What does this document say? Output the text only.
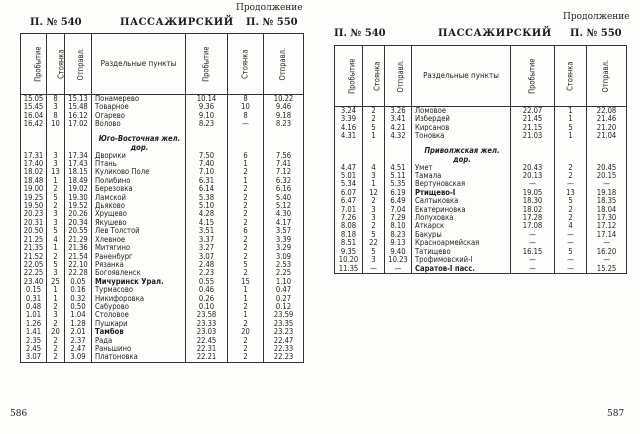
Продолжение
П. № 540	ПАССАЖИРСКИЙ П. № 550
Пробытие	Стоянка	Отправл.	Раздельные пункты	Пробытие	Стоянка	Отправл.
15.05	8	15.13	Понамерево	10.14	8	10.22
15.45	3	15.48	Товарное	9.36	10	9.46
16.04	8	16.12	Огарево	9.10	8	9.18
16.42	10	17.02	Волово	8.23	—	8.23

			Юго-Восточная жел. дор.			
17.31	3	17.34	Дворики	7.50	6	7.56
17.40	3	17.43	Птань	7.40	1	7.41
18.02	13	18.15	Куликово Поле	7.10	2	7.12
18.48	1	18.49	Полибино	6.31	1	6.32
19.00	2	19.02	Березовка	6.14	2	6.16
19.25	5	19.30	Ламской	5.38	2	5.40
19.50	2	19.52	Дьяково	5.10	2	5.12
20.23	3	20.26	Хрущево	4.28	2	4.30
20.31	3	20.34	Якушево	4.15	2	4.17
20.50	5	20.55	Лев Толстой	3.51	6	3.57
21.25	4	21.29	Хлевное	3.37	2	3.39
21.35	1	21.36	Митягино	3.27	2	3.29
21.52	2	21.54	Раненбург	3.07	2	3.09
22.05	5	22.10	Рязанка	2.48	5	2.53
22.25	3	22.28	Богоявленск	2.23	2	2.25
23.40	25	0.05	Мичуринск Урал.	0.55	15	1.10
0.15	1	0.16	Турмасово	0.46	1	0.47
0.31	1	0.32	Никифоровка	0.26	1	0.27
0.48	2	0.50	Сабурово	0.10	2	0.12
1.01	3	1.04	Столовое	23.58	1	23.59
1.26	2	1.28	Пушкари	23.33	2	23.35
1.41	20	2.01	Тамбов	23.03	20	23.23
2.35	2	2.37	Рада	22.45	2	22.47
2.45	2	2.47	Раньшино	22.31	2	22.33
3.07	2	3.09	Платоновка	22.21	2	22.23
586
Продолжение
П. № 540	ПАССАЖИРСКИЙ П. № 550
Пробытие	Стоянка	Отправл.	Раздельные пункты	Пробытие	Стоянка	Отправл.
3.24	2	3.26	Ломовое	22.07	1	22.08
3.39	2	3.41	Избердей	21.45	1	21.46
4.16	5	4.21	Кирсанов	21.15	5	21.20
4.31	1	4.32	Тоновка	21.03	1	21.04

			Приволжская жел. дор.			
4.47	4	4.51	Умет	20.43	2	20.45
5.01	3	5.11	Тамала	20.13	2	20.15
5.34	1	5.35	Вертуновская	—	—	—
6.07	12	6.19	Ртищево-I	19.05	13	19.18
6.47	2	6.49	Салтыковка	18.30	5	18.35
7.01	3	7.04	Екатериновка	18.02	2	18.04
7.26	3	7.29	Лопуховка	17.28	2	17.30
8.08	2	8.10	Аткарск	17.08	4	17.12
8.18	5	8.23	Бакуры	—	—	17.14
8.51	22	9.13	Красноармейская	—	—	—
9.35	5	9.40	Татищево	16.15	5	16.20
10.20	3	10.23	Трофимовский-I	—	—	—
11.35	—	—	Саратов-I пасс.	—	—	15.25
587
